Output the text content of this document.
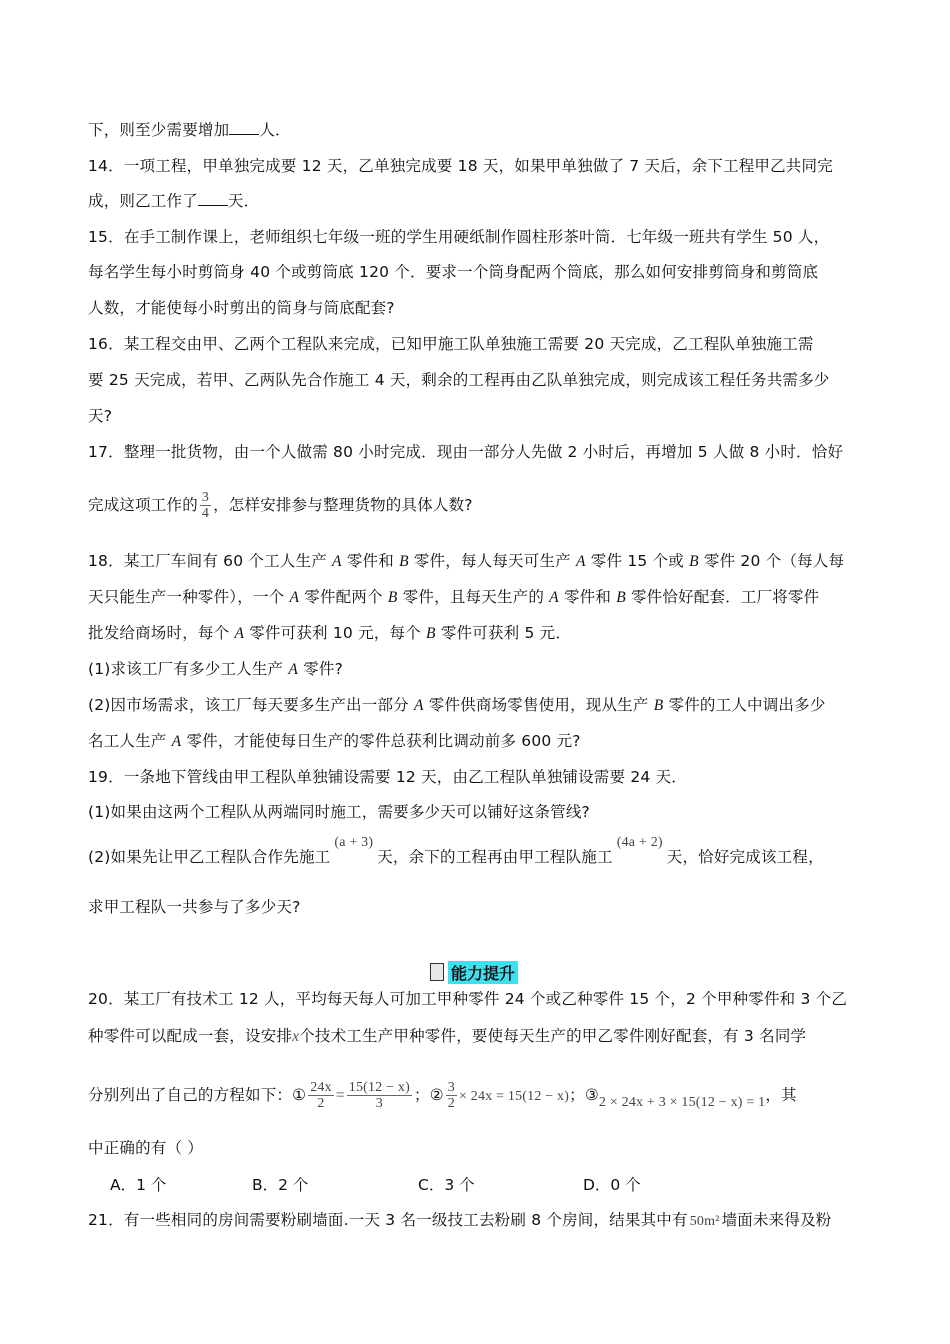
下，则至少需要增加 人．
14．一项工程，甲单独完成要 12 天，乙单独完成要 18 天，如果甲单独做了 7 天后，余下工程甲乙共同完
成，则乙工作了 天．
15．在手工制作课上，老师组织七年级一班的学生用硬纸制作圆柱形茶叶筒．七年级一班共有学生 50 人，
每名学生每小时剪筒身 40 个或剪筒底 120 个．要求一个筒身配两个筒底，那么如何安排剪筒身和剪筒底
人数，才能使每小时剪出的筒身与筒底配套?
16．某工程交由甲、乙两个工程队来完成，已知甲施工队单独施工需要 20 天完成，乙工程队单独施工需
要 25 天完成，若甲、乙两队先合作施工 4 天，剩余的工程再由乙队单独完成，则完成该工程任务共需多少
天?
17．整理一批货物，由一个人做需 80 小时完成．现由一部分人先做 2 小时后，再增加 5 人做 8 小时．恰好
完成这项工作的 $\frac{3}{4}$ ，怎样安排参与整理货物的具体人数?
18．某工厂车间有 60 个工人生产 A 零件和 B 零件，每人每天可生产 A 零件 15 个或 B 零件 20 个（每人每
天只能生产一种零件），一个 A 零件配两个 B 零件，且每天生产的 A 零件和 B 零件恰好配套．工厂将零件
批发给商场时，每个 A 零件可获利 10 元，每个 B 零件可获利 5 元．
(1)求该工厂有多少工人生产 A 零件?
(2)因市场需求，该工厂每天要多生产出一部分 A 零件供商场零售使用，现从生产 B 零件的工人中调出多少
名工人生产 A 零件，才能使每日生产的零件总获利比调动前多 600 元?
19．一条地下管线由甲工程队单独铺设需要 12 天，由乙工程队单独铺设需要 24 天．
(1)如果由这两个工程队从两端同时施工，需要多少天可以铺好这条管线?
(2)如果先让甲乙工程队合作先施工(a + 3)天，余下的工程再由甲工程队施工(4a + 2)天，恰好完成该工程，
求甲工程队一共参与了多少天?
能力提升
20．某工厂有技术工 12 人，平均每天每人可加工甲种零件 24 个或乙种零件 15 个，2 个甲种零件和 3 个乙
种零件可以配成一套，设安排x个技术工生产甲种零件，要使每天生产的甲乙零件刚好配套，有 3 名同学
分别列出了自己的方程如下：① $\frac{24x}{2} = \frac{15(12 - x)}{3}$ ；② $\frac{3}{2} \times 24x = 15(12 - x)$；③2 × 24x + 3 × 15(12 − x) = 1，其
中正确的有（ ）
A．1 个	B．2 个	C．3 个	D．0 个
21．有一些相同的房间需要粉刷墙面.一天 3 名一级技工去粉刷 8 个房间，结果其中有 50m² 墙面未来得及粉
